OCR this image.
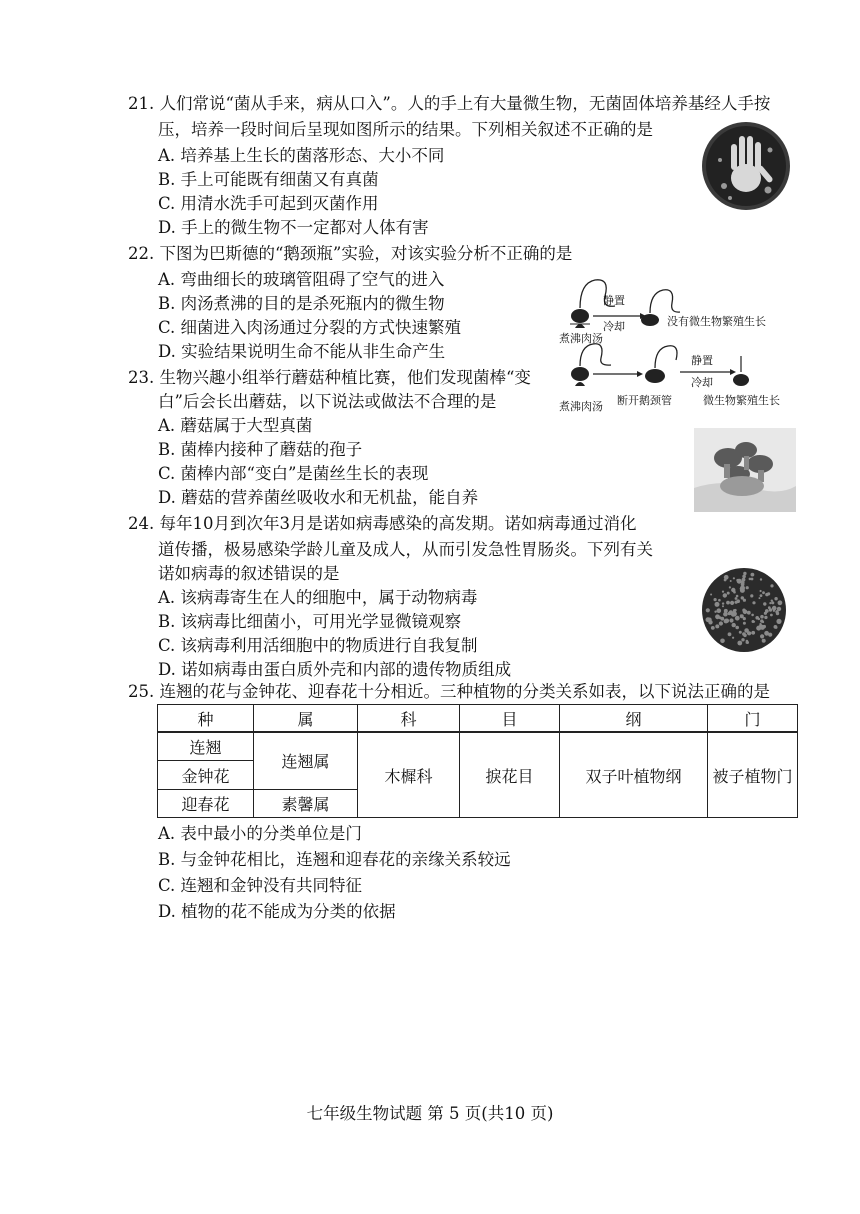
21. 人们常说“菌从手来，病从口入”。人的手上有大量微生物，无菌固体培养基经人手按
压，培养一段时间后呈现如图所示的结果。下列相关叙述不正确的是
A. 培养基上生长的菌落形态、大小不同
B. 手上可能既有细菌又有真菌
C. 用清水洗手可起到灭菌作用
D. 手上的微生物不一定都对人体有害
22. 下图为巴斯德的“鹅颈瓶”实验，对该实验分析不正确的是
A. 弯曲细长的玻璃管阻碍了空气的进入
B. 肉汤煮沸的目的是杀死瓶内的微生物
C. 细菌进入肉汤通过分裂的方式快速繁殖
D. 实验结果说明生命不能从非生命产生
静置
冷却	没有微生物繁殖生长
煮沸肉汤
静置
冷却
断开鹅颈管	微生物繁殖生长
煮沸肉汤
23. 生物兴趣小组举行蘑菇种植比赛，他们发现菌棒“变
白”后会长出蘑菇，以下说法或做法不合理的是
A. 蘑菇属于大型真菌
B. 菌棒内接种了蘑菇的孢子
C. 菌棒内部“变白”是菌丝生长的表现
D. 蘑菇的营养菌丝吸收水和无机盐，能自养
24. 每年10月到次年3月是诺如病毒感染的高发期。诺如病毒通过消化
道传播，极易感染学龄儿童及成人，从而引发急性胃肠炎。下列有关
诺如病毒的叙述错误的是
A. 该病毒寄生在人的细胞中，属于动物病毒
B. 该病毒比细菌小，可用光学显微镜观察
C. 该病毒利用活细胞中的物质进行自我复制
D. 诺如病毒由蛋白质外壳和内部的遗传物质组成
25. 连翘的花与金钟花、迎春花十分相近。三种植物的分类关系如表，以下说法正确的是
种	属	科	目	纲	门
连翘	连翘属	木樨科	捩花目	双子叶植物纲	被子植物门
金钟花					
迎春花	素馨属				
A. 表中最小的分类单位是门
B. 与金钟花相比，连翘和迎春花的亲缘关系较远
C. 连翘和金钟没有共同特征
D. 植物的花不能成为分类的依据
七年级生物试题 第 5 页(共10 页)
